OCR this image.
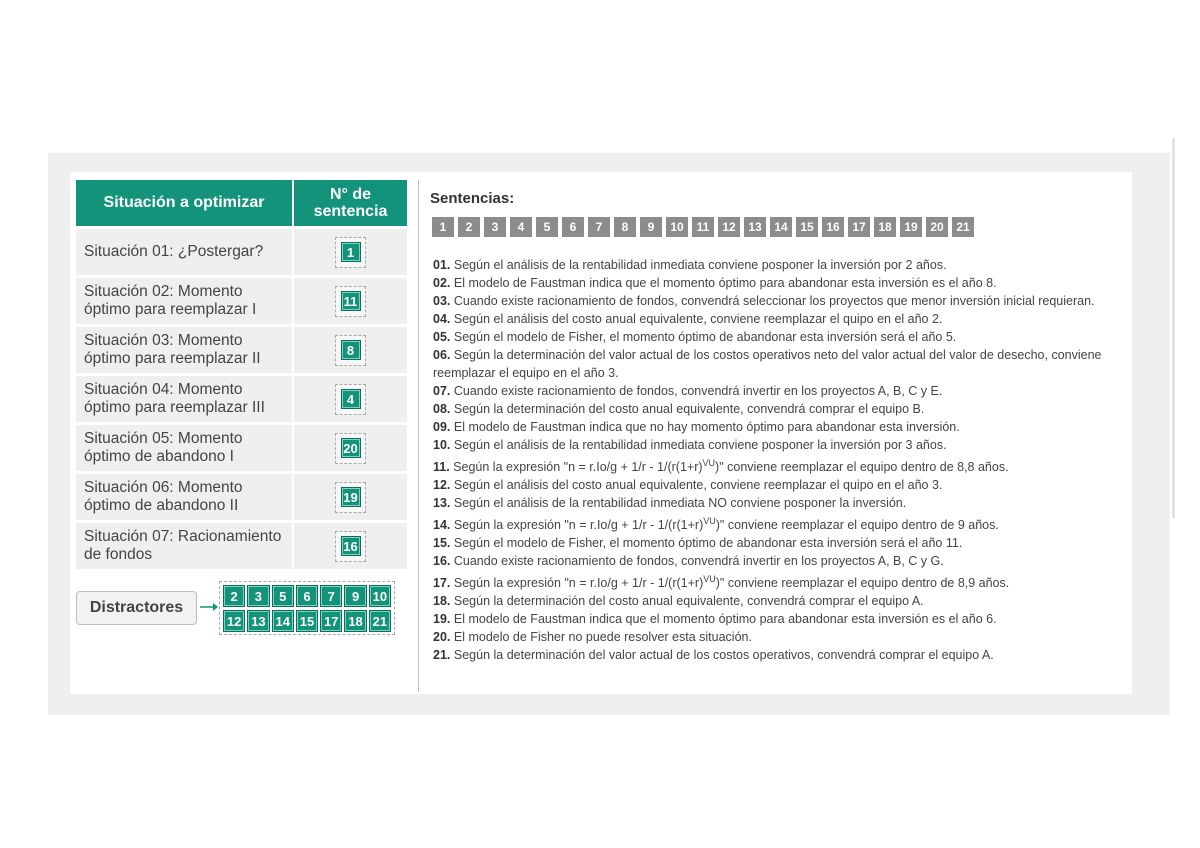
Situación a optimizar	N° de sentencia
Situación 01: ¿Postergar?	1
Situación 02: Momento óptimo para reemplazar I	11
Situación 03: Momento óptimo para reemplazar II	8
Situación 04: Momento óptimo para reemplazar III	4
Situación 05: Momento óptimo de abandono I	20
Situación 06: Momento óptimo de abandono II	19
Situación 07: Racionamiento de fondos	16
Distractores
2	3	5	6	7	9	10
12 13 14 15 17 18 21
Sentencias:
1	2	3	4	5	6	7	8	9	10	11	12	13	14	15	16	17	18	19	20	21

01. Según el análisis de la rentabilidad inmediata conviene posponer la inversión por 2 años.

02. El modelo de Faustman indica que el momento óptimo para abandonar esta inversión es el año 8.

03. Cuando existe racionamiento de fondos, convendrá seleccionar los proyectos que menor inversión inicial requieran.

04. Según el análisis del costo anual equivalente, conviene reemplazar el quipo en el año 2.

05. Según el modelo de Fisher, el momento óptimo de abandonar esta inversión será el año 5.

06. Según la determinación del valor actual de los costos operativos neto del valor actual del valor de desecho, conviene reemplazar el equipo en el año 3.

07. Cuando existe racionamiento de fondos, convendrá invertir en los proyectos A, B, C y E.

08. Según la determinación del costo anual equivalente, convendrá comprar el equipo B.

09. El modelo de Faustman indica que no hay momento óptimo para abandonar esta inversión.

10. Según el análisis de la rentabilidad inmediata conviene posponer la inversión por 3 años.

11. Según la expresión "$n = r.Io/g + 1/r - 1/(r(1+r)^{VU})$" conviene reemplazar el equipo dentro de 8,8 años.

12. Según el análisis del costo anual equivalente, conviene reemplazar el quipo en el año 3.

13. Según el análisis de la rentabilidad inmediata NO conviene posponer la inversión.

14. Según la expresión "$n = r.Io/g + 1/r - 1/(r(1+r)^{VU})$" conviene reemplazar el equipo dentro de 9 años.

15. Según el modelo de Fisher, el momento óptimo de abandonar esta inversión será el año 11.

16. Cuando existe racionamiento de fondos, convendrá invertir en los proyectos A, B, C y G.

17. Según la expresión "$n = r.Io/g + 1/r - 1/(r(1+r)^{VU})$" conviene reemplazar el equipo dentro de 8,9 años.

18. Según la determinación del costo anual equivalente, convendrá comprar el equipo A.

19. El modelo de Faustman indica que el momento óptimo para abandonar esta inversión es el año 6.

20. El modelo de Fisher no puede resolver esta situación.

21. Según la determinación del valor actual de los costos operativos, convendrá comprar el equipo A.
